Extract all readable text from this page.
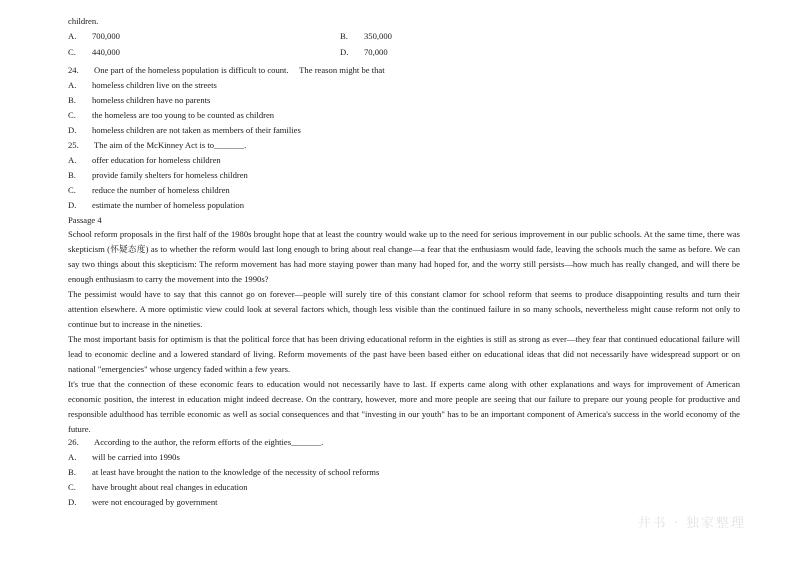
井书 · 独家整理
children.
A. 700,000	B. 350,000
C. 440,000	D. 70,000
24. One part of the homeless population is difficult to count.     The reason might be that
A. homeless children live on the streets
B. homeless children have no parents
C. the homeless are too young to be counted as children
D. homeless children are not taken as members of their families
25. The aim of the McKinney Act is to_______.
A. offer education for homeless children
B. provide family shelters for homeless children
C. reduce the number of homeless children
D. estimate the number of homeless population
Passage 4
School reform proposals in the first half of the 1980s brought hope that at least the country would wake up to the need for serious improvement in our public schools. At the same time, there was skepticism (怀疑态度) as to whether the reform would last long enough to bring about real change—a fear that the enthusiasm would fade, leaving the schools much the same as before. We can say two things about this skepticism: The reform movement has had more staying power than many had hoped for, and the worry still persists—how much has really changed, and will there be enough enthusiasm to carry the movement into the 1990s?
The pessimist would have to say that this cannot go on forever—people will surely tire of this constant clamor for school reform that seems to produce disappointing results and turn their attention elsewhere. A more optimistic view could look at several factors which, though less visible than the continued failure in so many schools, nevertheless might cause reform not only to continue but to increase in the nineties.
The most important basis for optimism is that the political force that has been driving educational reform in the eighties is still as strong as ever—they fear that continued educational failure will lead to economic decline and a lowered standard of living. Reform movements of the past have been based either on educational ideas that did not necessarily have widespread support or on national "emergencies" whose urgency faded within a few years.
It's true that the connection of these economic fears to education would not necessarily have to last. If experts came along with other explanations and ways for improvement of American economic position, the interest in education might indeed decrease. On the contrary, however, more and more people are seeing that our failure to prepare our young people for productive and responsible adulthood has terrible economic as well as social consequences and that "investing in our youth" has to be an important component of America's success in the world economy of the future.
26. According to the author, the reform efforts of the eighties_______.
A. will be carried into 1990s
B. at least have brought the nation to the knowledge of the necessity of school reforms
C. have brought about real changes in education
D. were not encouraged by government
